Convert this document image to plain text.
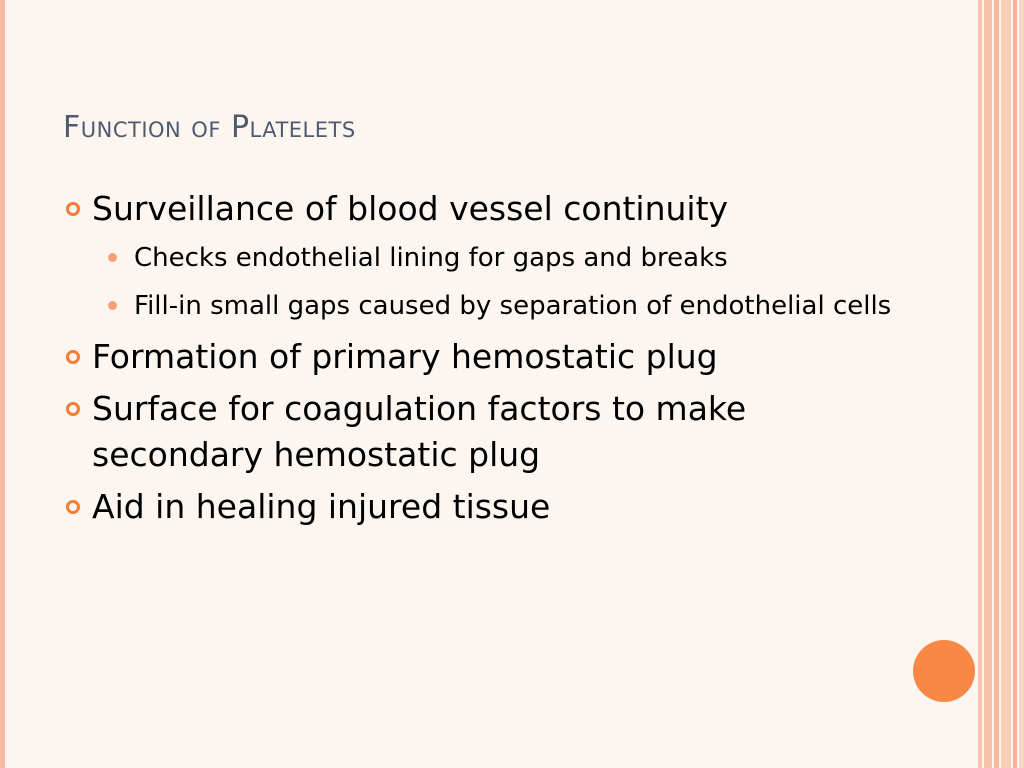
Function of Platelets
Surveillance of blood vessel continuity
Checks endothelial lining for gaps and breaks
Fill-in small gaps caused by separation of endothelial cells
Formation of primary hemostatic plug
Surface for coagulation factors to make secondary hemostatic plug
Aid in healing injured tissue
